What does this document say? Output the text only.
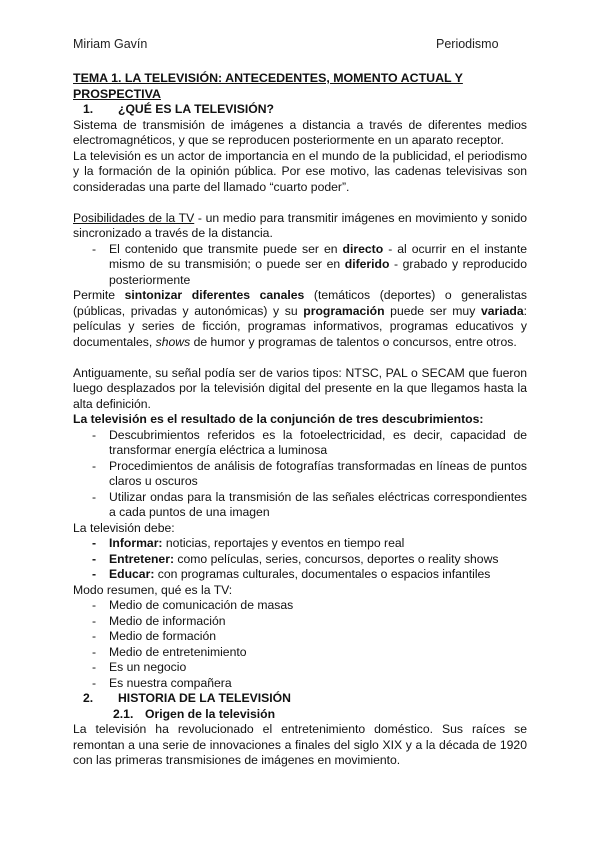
Miriam Gavín	Periodismo

TEMA 1. LA TELEVISIÓN: ANTECEDENTES, MOMENTO ACTUAL Y PROSPECTIVA

1. ¿QUÉ ES LA TELEVISIÓN?

Sistema de transmisión de imágenes a distancia a través de diferentes medios electromagnéticos, y que se reproducen posteriormente en un aparato receptor.

La televisión es un actor de importancia en el mundo de la publicidad, el periodismo y la formación de la opinión pública. Por ese motivo, las cadenas televisivas son consideradas una parte del llamado “cuarto poder”.

Posibilidades de la TV - un medio para transmitir imágenes en movimiento y sonido sincronizado a través de la distancia.

- El contenido que transmite puede ser en directo - al ocurrir en el instante mismo de su transmisión; o puede ser en diferido - grabado y reproducido posteriormente

Permite sintonizar diferentes canales (temáticos (deportes) o generalistas (públicas, privadas y autonómicas) y su programación puede ser muy variada: películas y series de ficción, programas informativos, programas educativos y documentales, shows de humor y programas de talentos o concursos, entre otros.

Antiguamente, su señal podía ser de varios tipos: NTSC, PAL o SECAM que fueron luego desplazados por la televisión digital del presente en la que llegamos hasta la alta definición.

La televisión es el resultado de la conjunción de tres descubrimientos:

- Descubrimientos referidos es la fotoelectricidad, es decir, capacidad de transformar energía eléctrica a luminosa
- Procedimientos de análisis de fotografías transformadas en líneas de puntos claros u oscuros
- Utilizar ondas para la transmisión de las señales eléctricas correspondientes a cada puntos de una imagen

La televisión debe:

- Informar: noticias, reportajes y eventos en tiempo real
- Entretener: como películas, series, concursos, deportes o reality shows
- Educar: con programas culturales, documentales o espacios infantiles

Modo resumen, qué es la TV:

- Medio de comunicación de masas
- Medio de información
- Medio de formación
- Medio de entretenimiento
- Es un negocio
- Es nuestra compañera

2. HISTORIA DE LA TELEVISIÓN

2.1. Origen de la televisión

La televisión ha revolucionado el entretenimiento doméstico. Sus raíces se remontan a una serie de innovaciones a finales del siglo XIX y a la década de 1920 con las primeras transmisiones de imágenes en movimiento.
